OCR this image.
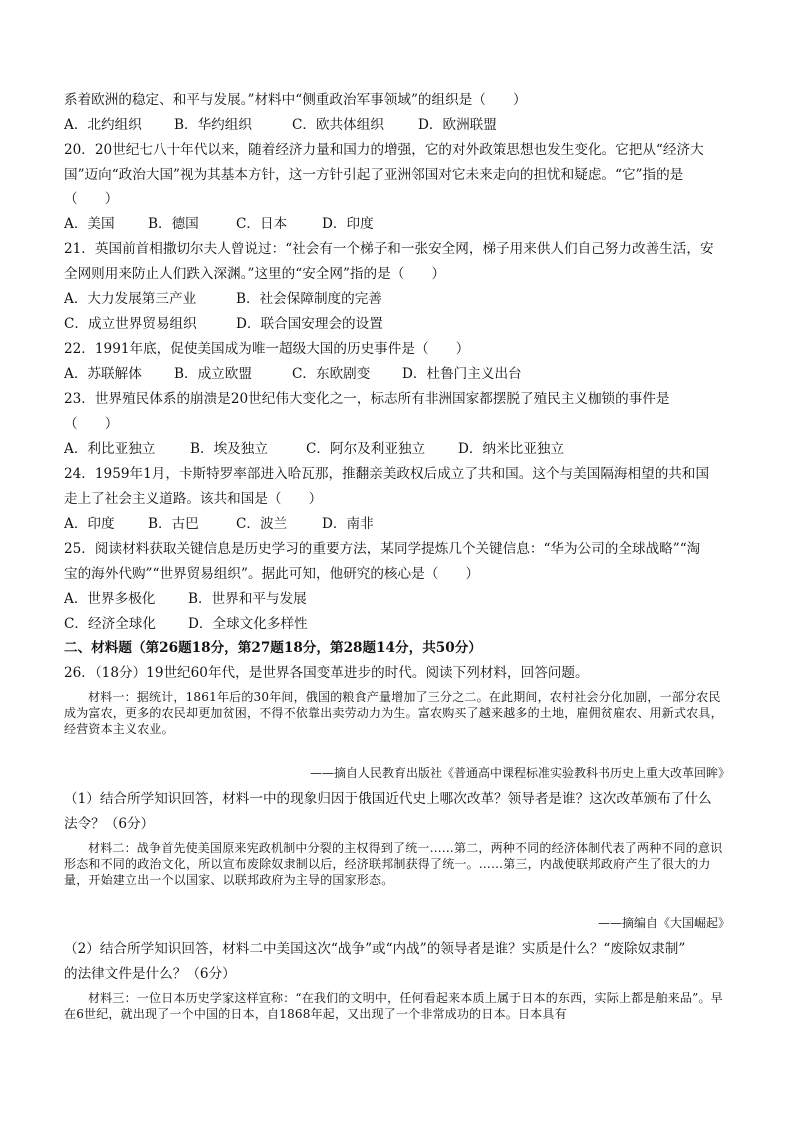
系着欧洲的稳定、和平与发展。”材料中“侧重政治军事领域”的组织是（　　）
A．北约组织	B．华约组织	C．欧共体组织	D．欧洲联盟
20．20世纪七八十年代以来，随着经济力量和国力的增强，它的对外政策思想也发生变化。它把从“经济大
国”迈向“政治大国”视为其基本方针，这一方针引起了亚洲邻国对它未来走向的担忧和疑虑。“它”指的是
（　　）
A．美国	B．德国	C．日本	D．印度
21．英国前首相撒切尔夫人曾说过：“社会有一个梯子和一张安全网，梯子用来供人们自己努力改善生活，安
全网则用来防止人们跌入深渊。”这里的“安全网”指的是（　　）
A．大力发展第三产业	B．社会保障制度的完善
C．成立世界贸易组织	D．联合国安理会的设置
22．1991年底，促使美国成为唯一超级大国的历史事件是（　　）
A．苏联解体	B．成立欧盟	C．东欧剧变	D．杜鲁门主义出台
23．世界殖民体系的崩溃是20世纪伟大变化之一，标志所有非洲国家都摆脱了殖民主义枷锁的事件是
（　　）
A．利比亚独立	B．埃及独立	C．阿尔及利亚独立	D．纳米比亚独立
24．1959年1月，卡斯特罗率部进入哈瓦那，推翻亲美政权后成立了共和国。这个与美国隔海相望的共和国
走上了社会主义道路。该共和国是（　　）
A．印度	B．古巴	C．波兰	D．南非
25．阅读材料获取关键信息是历史学习的重要方法，某同学提炼几个关键信息：“华为公司的全球战略”“淘
宝的海外代购”“世界贸易组织”。据此可知，他研究的核心是（　　）
A．世界多极化	B．世界和平与发展
C．经济全球化	D．全球文化多样性
二、材料题（第26题18分，第27题18分，第28题14分，共50分）
26．（18分）19世纪60年代，是世界各国变革进步的时代。阅读下列材料，回答问题。
材料一：据统计，1861年后的30年间，俄国的粮食产量增加了三分之二。在此期间，农村社会分化加剧，一部分农民成为富农，更多的农民却更加贫困，不得不依靠出卖劳动力为生。富农购买了越来越多的土地，雇佣贫雇农、用新式农具，经营资本主义农业。
——摘自人民教育出版社《普通高中课程标准实验教科书历史上重大改革回眸》
（1）结合所学知识回答，材料一中的现象归因于俄国近代史上哪次改革？领导者是谁？这次改革颁布了什么
法令？（6分）
材料二：战争首先使美国原来宪政机制中分裂的主权得到了统一……第二，两种不同的经济体制代表了两种不同的意识形态和不同的政治文化，所以宣布废除奴隶制以后，经济联邦制获得了统一。……第三，内战使联邦政府产生了很大的力量，开始建立出一个以国家、以联邦政府为主导的国家形态。
——摘编自《大国崛起》
（2）结合所学知识回答，材料二中美国这次“战争”或“内战”的领导者是谁？实质是什么？“废除奴隶制”
的法律文件是什么？（6分）
材料三：一位日本历史学家这样宣称：“在我们的文明中，任何看起来本质上属于日本的东西，实际上都是舶来品”。早在6世纪，就出现了一个中国的日本，自1868年起，又出现了一个非常成功的日本。日本具有
